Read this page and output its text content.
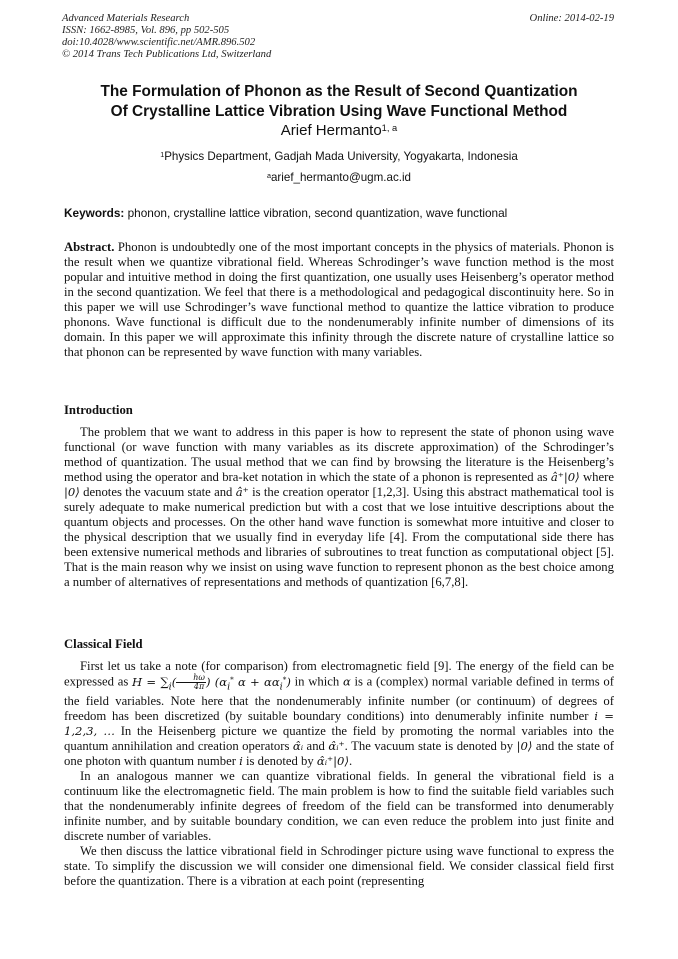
Advanced Materials Research
ISSN: 1662-8985, Vol. 896, pp 502-505
doi:10.4028/www.scientific.net/AMR.896.502
© 2014 Trans Tech Publications Ltd, Switzerland
Online: 2014-02-19
The Formulation of Phonon as the Result of Second Quantization
Of Crystalline Lattice Vibration Using Wave Functional Method
Arief Hermanto$^{1, a}$
$^1$Physics Department, Gadjah Mada University, Yogyakarta, Indonesia
$^a$arief_hermanto@ugm.ac.id
Keywords: phonon, crystalline lattice vibration, second quantization, wave functional

Abstract. Phonon is undoubtedly one of the most important concepts in the physics of materials. Phonon is the result when we quantize vibrational field. Whereas Schrodinger’s wave function method is the most popular and intuitive method in doing the first quantization, one usually uses Heisenberg’s operator method in the second quantization. We feel that there is a methodological and pedagogical discontinuity here. So in this paper we will use Schrodinger’s wave functional method to quantize the lattice vibration to produce phonons. Wave functional is difficult due to the nondenumerably infinite number of dimensions of its domain. In this paper we will approximate this infinity through the discrete nature of crystalline lattice so that phonon can be represented by wave function with many variables.

Introduction

The problem that we want to address in this paper is how to represent the state of phonon using wave functional (or wave function with many variables as its discrete approximation) of the Schrodinger’s method of quantization. The usual method that we can find by browsing the literature is the Heisenberg’s method using the operator and bra-ket notation in which the state of a phonon is represented as â⁺|0⟩ where |0⟩ denotes the vacuum state and â⁺ is the creation operator [1,2,3]. Using this abstract mathematical tool is surely adequate to make numerical prediction but with a cost that we lose intuitive descriptions about the quantum objects and processes. On the other hand wave function is somewhat more intuitive and closer to the physical description that we usually find in everyday life [4]. From the computational side there has been extensive numerical methods and libraries of subroutines to treat function as computational object [5]. That is the main reason why we insist on using wave function to represent phonon as the best choice among a number of alternatives of representations and methods of quantization [6,7,8].

Classical Field

First let us take a note (for comparison) from electromagnetic field [9]. The energy of the field can be expressed as $H = \sum_i( \frac{h\omega}{4\pi}$ ) ($\alpha_i^*$ $\alpha + \alpha\alpha_i^*$) in which α is a (complex) normal variable defined in terms of the field variables. Note here that the nondenumerably infinite number (or continuum) of degrees of freedom has been discretized (by suitable boundary conditions) into denumerably infinite number i = 1,2,3, … In the Heisenberg picture we quantize the field by promoting the normal variables into the quantum annihilation and creation operators α̂ᵢ and α̂ᵢ⁺. The vacuum state is denoted by |0⟩ and the state of one photon with quantum number i is denoted by α̂ᵢ⁺|0⟩.

In an analogous manner we can quantize vibrational fields. In general the vibrational field is a continuum like the electromagnetic field. The main problem is how to find the suitable field variables such that the nondenumerably infinite degrees of freedom of the field can be transformed into denumerably infinite number, and by suitable boundary condition, we can even reduce the problem into just finite and discrete number of variables.

We then discuss the lattice vibrational field in Schrodinger picture using wave functional to express the state. To simplify the discussion we will consider one dimensional field. We consider classical field first before the quantization. There is a vibration at each point (representing
